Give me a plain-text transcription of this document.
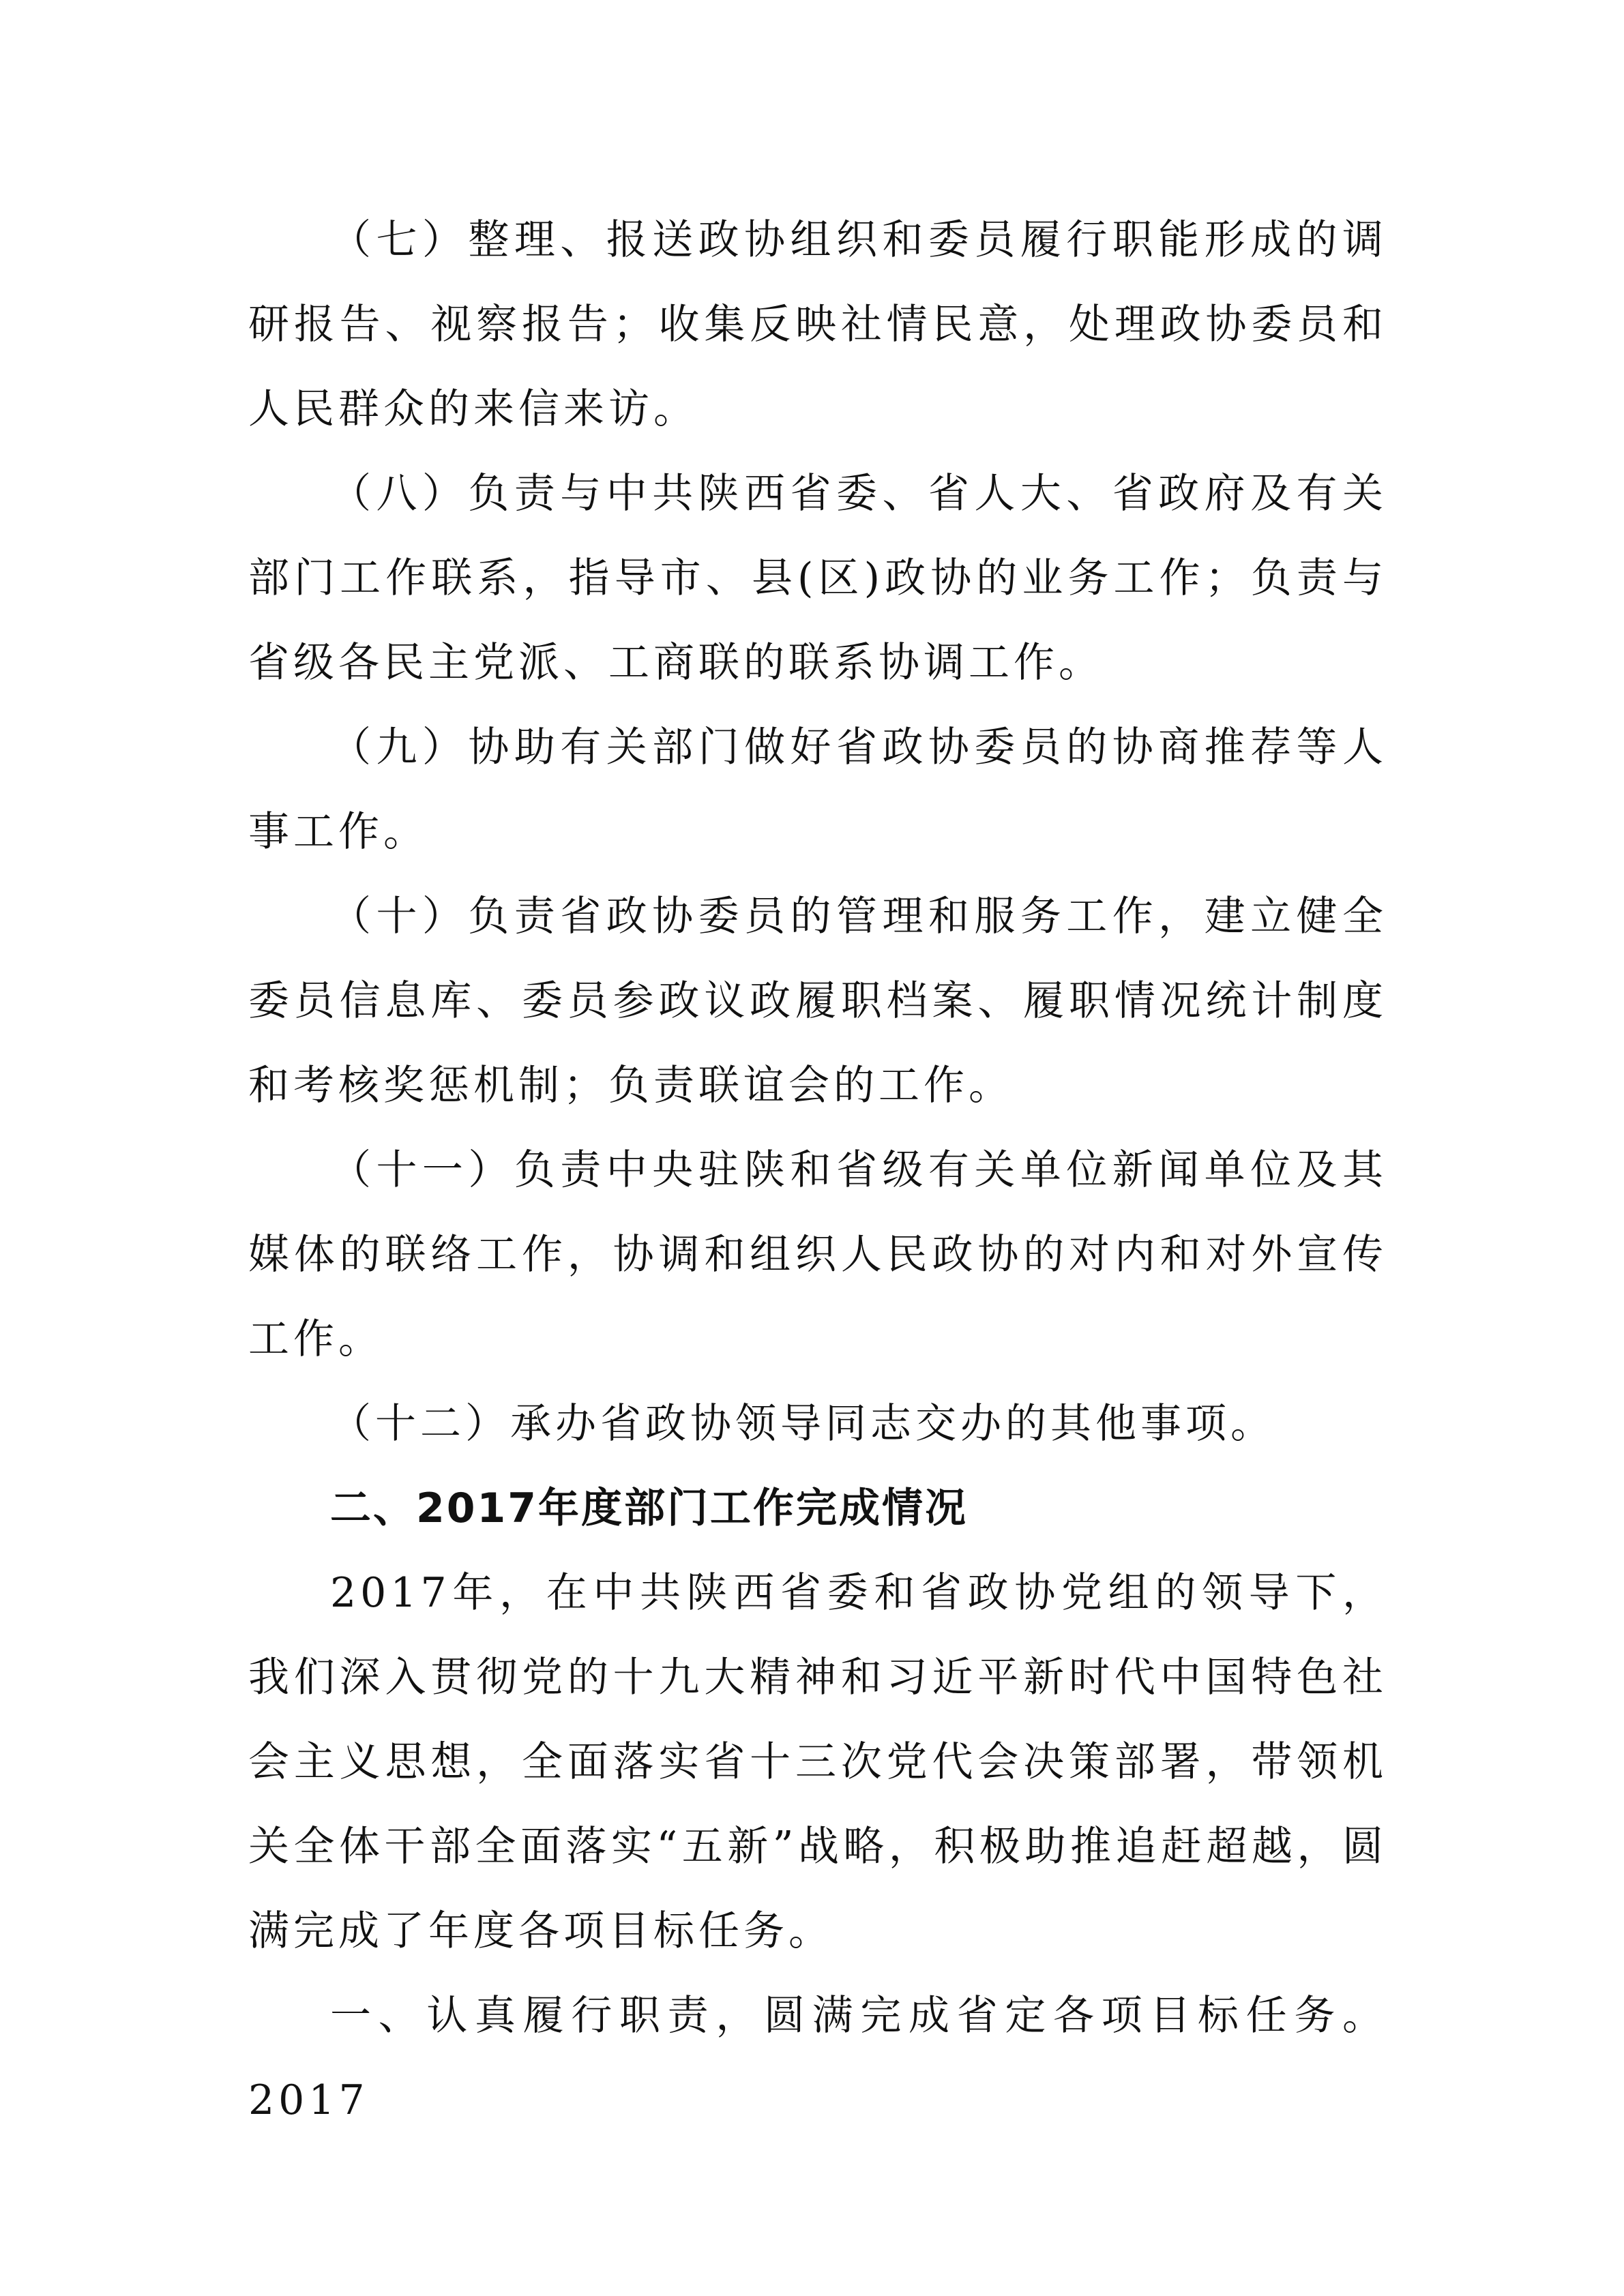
（七）整理、报送政协组织和委员履行职能形成的调研报告、视察报告；收集反映社情民意，处理政协委员和人民群众的来信来访。

（八）负责与中共陕西省委、省人大、省政府及有关部门工作联系，指导市、县(区)政协的业务工作；负责与省级各民主党派、工商联的联系协调工作。

（九）协助有关部门做好省政协委员的协商推荐等人事工作。

（十）负责省政协委员的管理和服务工作，建立健全委员信息库、委员参政议政履职档案、履职情况统计制度和考核奖惩机制；负责联谊会的工作。

（十一）负责中央驻陕和省级有关单位新闻单位及其媒体的联络工作，协调和组织人民政协的对内和对外宣传工作。

（十二）承办省政协领导同志交办的其他事项。

二、2017年度部门工作完成情况

2017年，在中共陕西省委和省政协党组的领导下，我们深入贯彻党的十九大精神和习近平新时代中国特色社会主义思想，全面落实省十三次党代会决策部署，带领机关全体干部全面落实“五新”战略，积极助推追赶超越，圆满完成了年度各项目标任务。

一、认真履行职责，圆满完成省定各项目标任务。2017
